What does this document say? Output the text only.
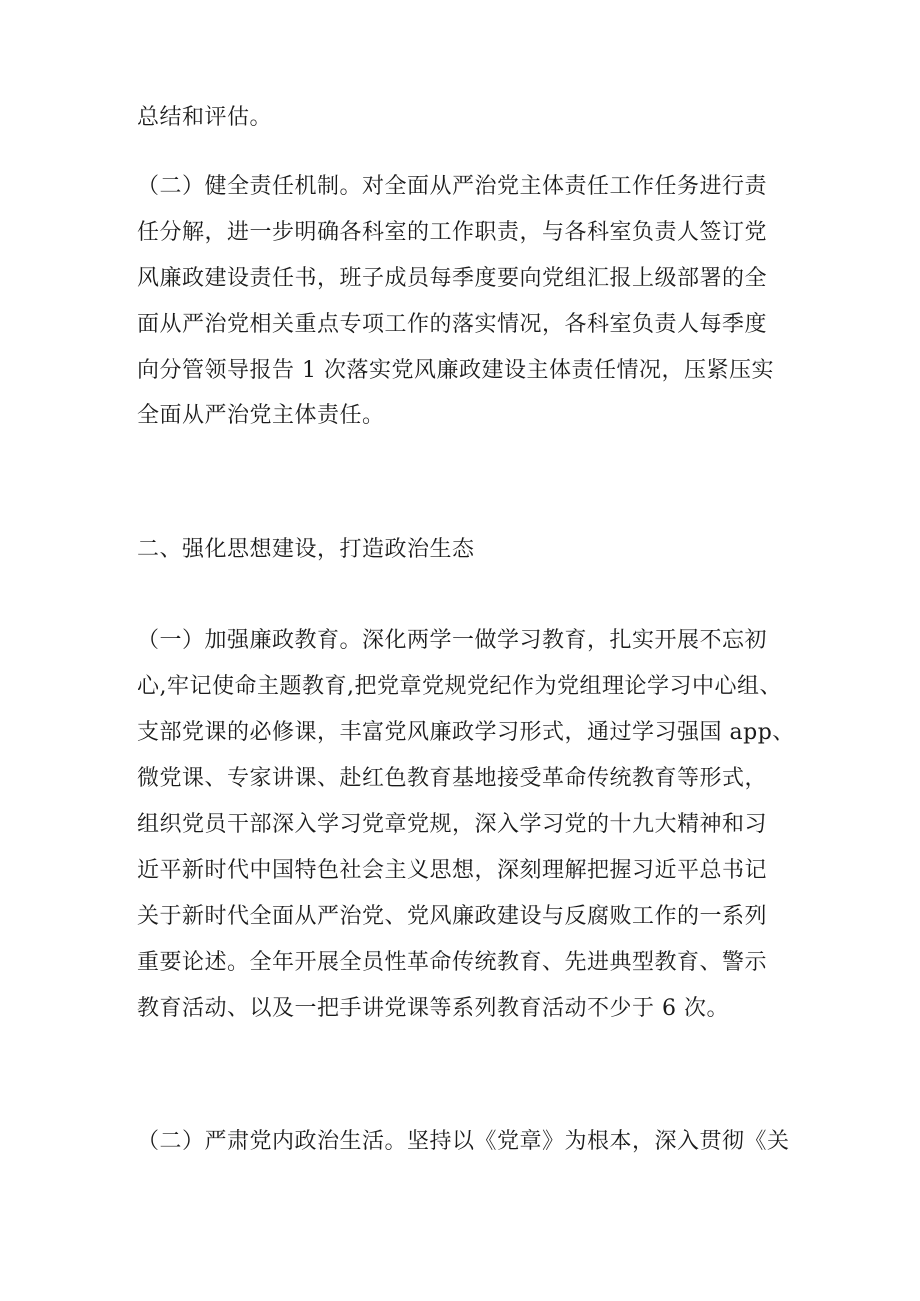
总结和评估。
（二）健全责任机制。对全面从严治党主体责任工作任务进行责
任分解，进一步明确各科室的工作职责，与各科室负责人签订党
风廉政建设责任书，班子成员每季度要向党组汇报上级部署的全
面从严治党相关重点专项工作的落实情况，各科室负责人每季度
向分管领导报告 1 次落实党风廉政建设主体责任情况，压紧压实
全面从严治党主体责任。
二、强化思想建设，打造政治生态
（一）加强廉政教育。深化两学一做学习教育，扎实开展不忘初
心,牢记使命主题教育,把党章党规党纪作为党组理论学习中心组、
支部党课的必修课，丰富党风廉政学习形式，通过学习强国 app、
微党课、专家讲课、赴红色教育基地接受革命传统教育等形式，
组织党员干部深入学习党章党规，深入学习党的十九大精神和习
近平新时代中国特色社会主义思想，深刻理解把握习近平总书记
关于新时代全面从严治党、党风廉政建设与反腐败工作的一系列
重要论述。全年开展全员性革命传统教育、先进典型教育、警示
教育活动、以及一把手讲党课等系列教育活动不少于 6 次。
（二）严肃党内政治生活。坚持以《党章》为根本，深入贯彻《关
